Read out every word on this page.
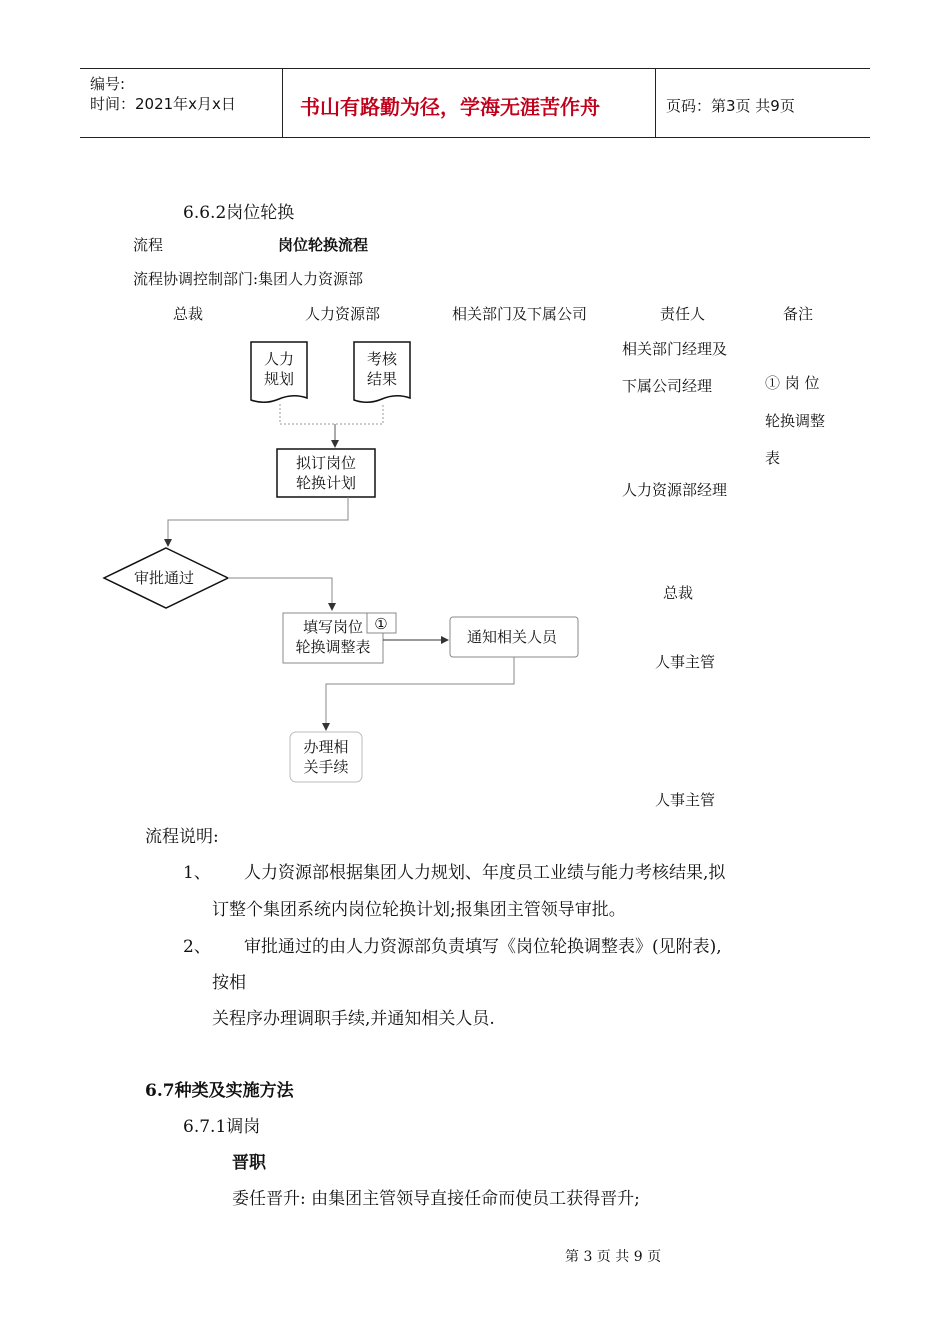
编号:
时间：2021年x月x日	书山有路勤为径，学海无涯苦作舟	页码：第3页 共9页
6.6.2岗位轮换
流程	岗位轮换流程
流程协调控制部门:集团人力资源部
总裁	人力资源部	相关部门及下属公司	责任人	备注
人力
规划
考核
结果
拟订岗位
轮换计划
审批通过
填写岗位
轮换调整表
①
通知相关人员
办理相
关手续
相关部门经理及
下属公司经理
人力资源部经理
总裁
人事主管
人事主管
① 岗 位
轮换调整
表
流程说明:
1、 人力资源部根据集团人力规划、年度员工业绩与能力考核结果,拟
订整个集团系统内岗位轮换计划;报集团主管领导审批。
2、 审批通过的由人力资源部负责填写《岗位轮换调整表》(见附表),
按相
关程序办理调职手续,并通知相关人员.
6.7种类及实施方法
6.7.1调岗
晋职
委任晋升: 由集团主管领导直接任命而使员工获得晋升;
第 3 页 共 9 页
